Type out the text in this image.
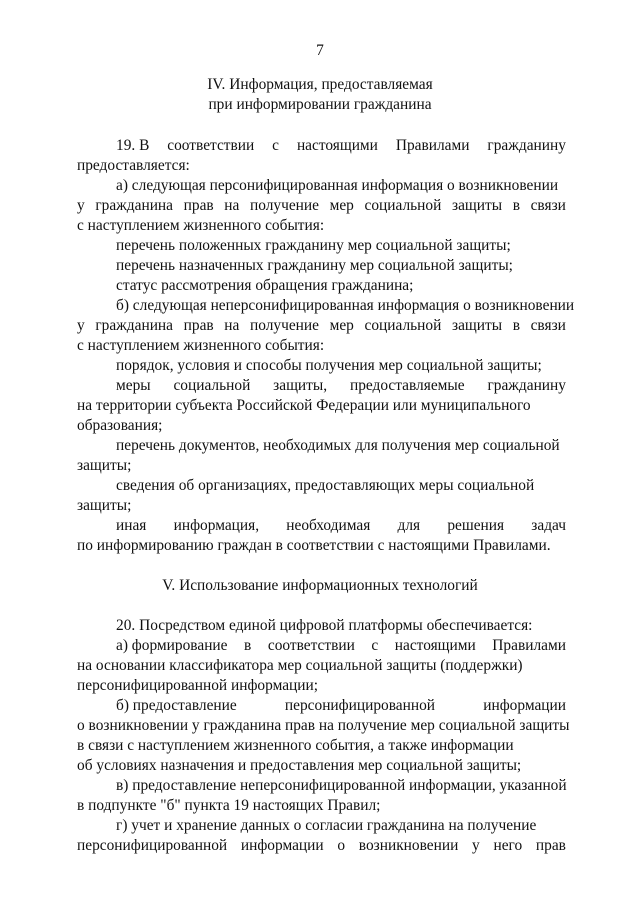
7
IV. Информация, предоставляемая
при информировании гражданина
19. В соответствии с настоящими Правилами гражданину
предоставляется:
а) следующая персонифицированная информация о возникновении
у гражданина прав на получение мер социальной защиты в связи
с наступлением жизненного события:
перечень положенных гражданину мер социальной защиты;
перечень назначенных гражданину мер социальной защиты;
статус рассмотрения обращения гражданина;
б) следующая неперсонифицированная информация о возникновении
у гражданина прав на получение мер социальной защиты в связи
с наступлением жизненного события:
порядок, условия и способы получения мер социальной защиты;
меры социальной защиты, предоставляемые гражданину
на территории субъекта Российской Федерации или муниципального
образования;
перечень документов, необходимых для получения мер социальной
защиты;
сведения об организациях, предоставляющих меры социальной
защиты;
иная информация, необходимая для решения задач
по информированию граждан в соответствии с настоящими Правилами.
V. Использование информационных технологий
20. Посредством единой цифровой платформы обеспечивается:
а) формирование в соответствии с настоящими Правилами
на основании классификатора мер социальной защиты (поддержки)
персонифицированной информации;
б) предоставление	персонифицированной	информации
о возникновении у гражданина прав на получение мер социальной защиты
в связи с наступлением жизненного события, а также информации
об условиях назначения и предоставления мер социальной защиты;
в) предоставление неперсонифицированной информации, указанной
в подпункте "б" пункта 19 настоящих Правил;
г) учет и хранение данных о согласии гражданина на получение
персонифицированной информации о возникновении у него прав
